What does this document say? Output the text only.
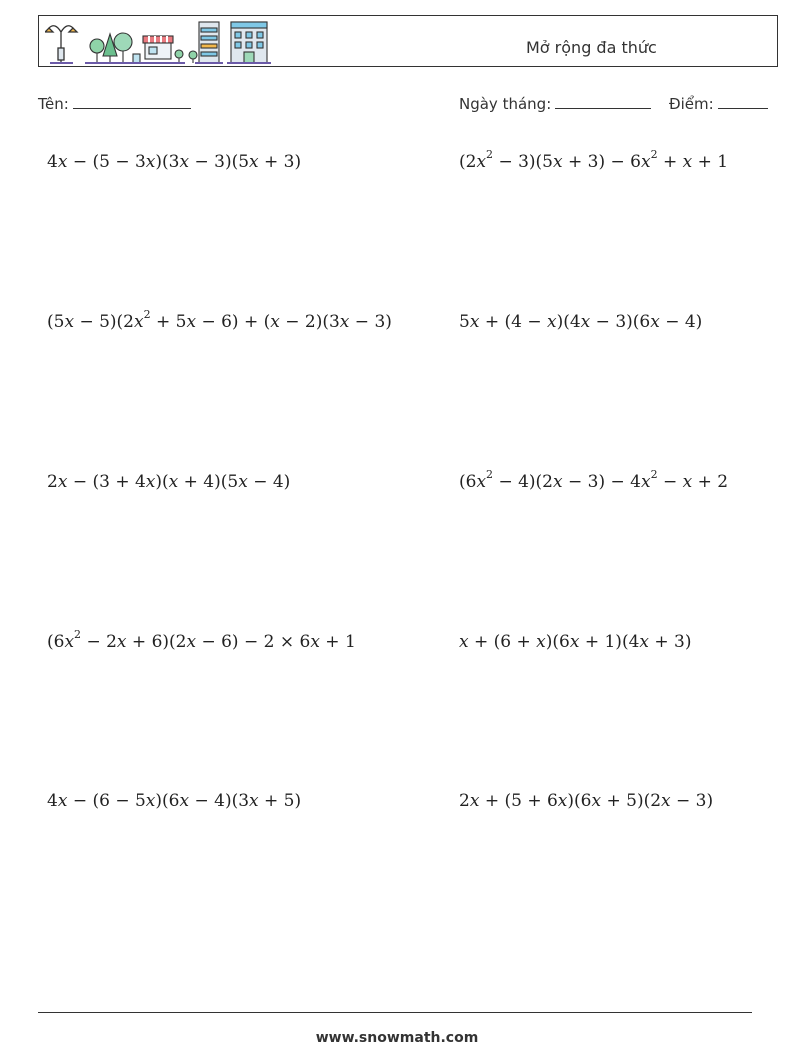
Mở rộng đa thức
Tên:	Ngày tháng:	Điểm:
4x − (5 − 3x)(3x − 3)(5x + 3)	$(2x^2 - 3)(5x + 3) - 6x^2 + x + 1$
$(5x - 5)(2x^2 + 5x - 6) + (x - 2)(3x - 3)$	5x + (4 − x)(4x − 3)(6x − 4)
2x − (3 + 4x)(x + 4)(5x − 4)	$(6x^2 - 4)(2x - 3) - 4x^2 - x + 2$
$(6x^2 - 2x + 6)(2x - 6) - 2 \times 6x + 1$	x + (6 + x)(6x + 1)(4x + 3)
4x − (6 − 5x)(6x − 4)(3x + 5)	2x + (5 + 6x)(6x + 5)(2x − 3)
www.snowmath.com
